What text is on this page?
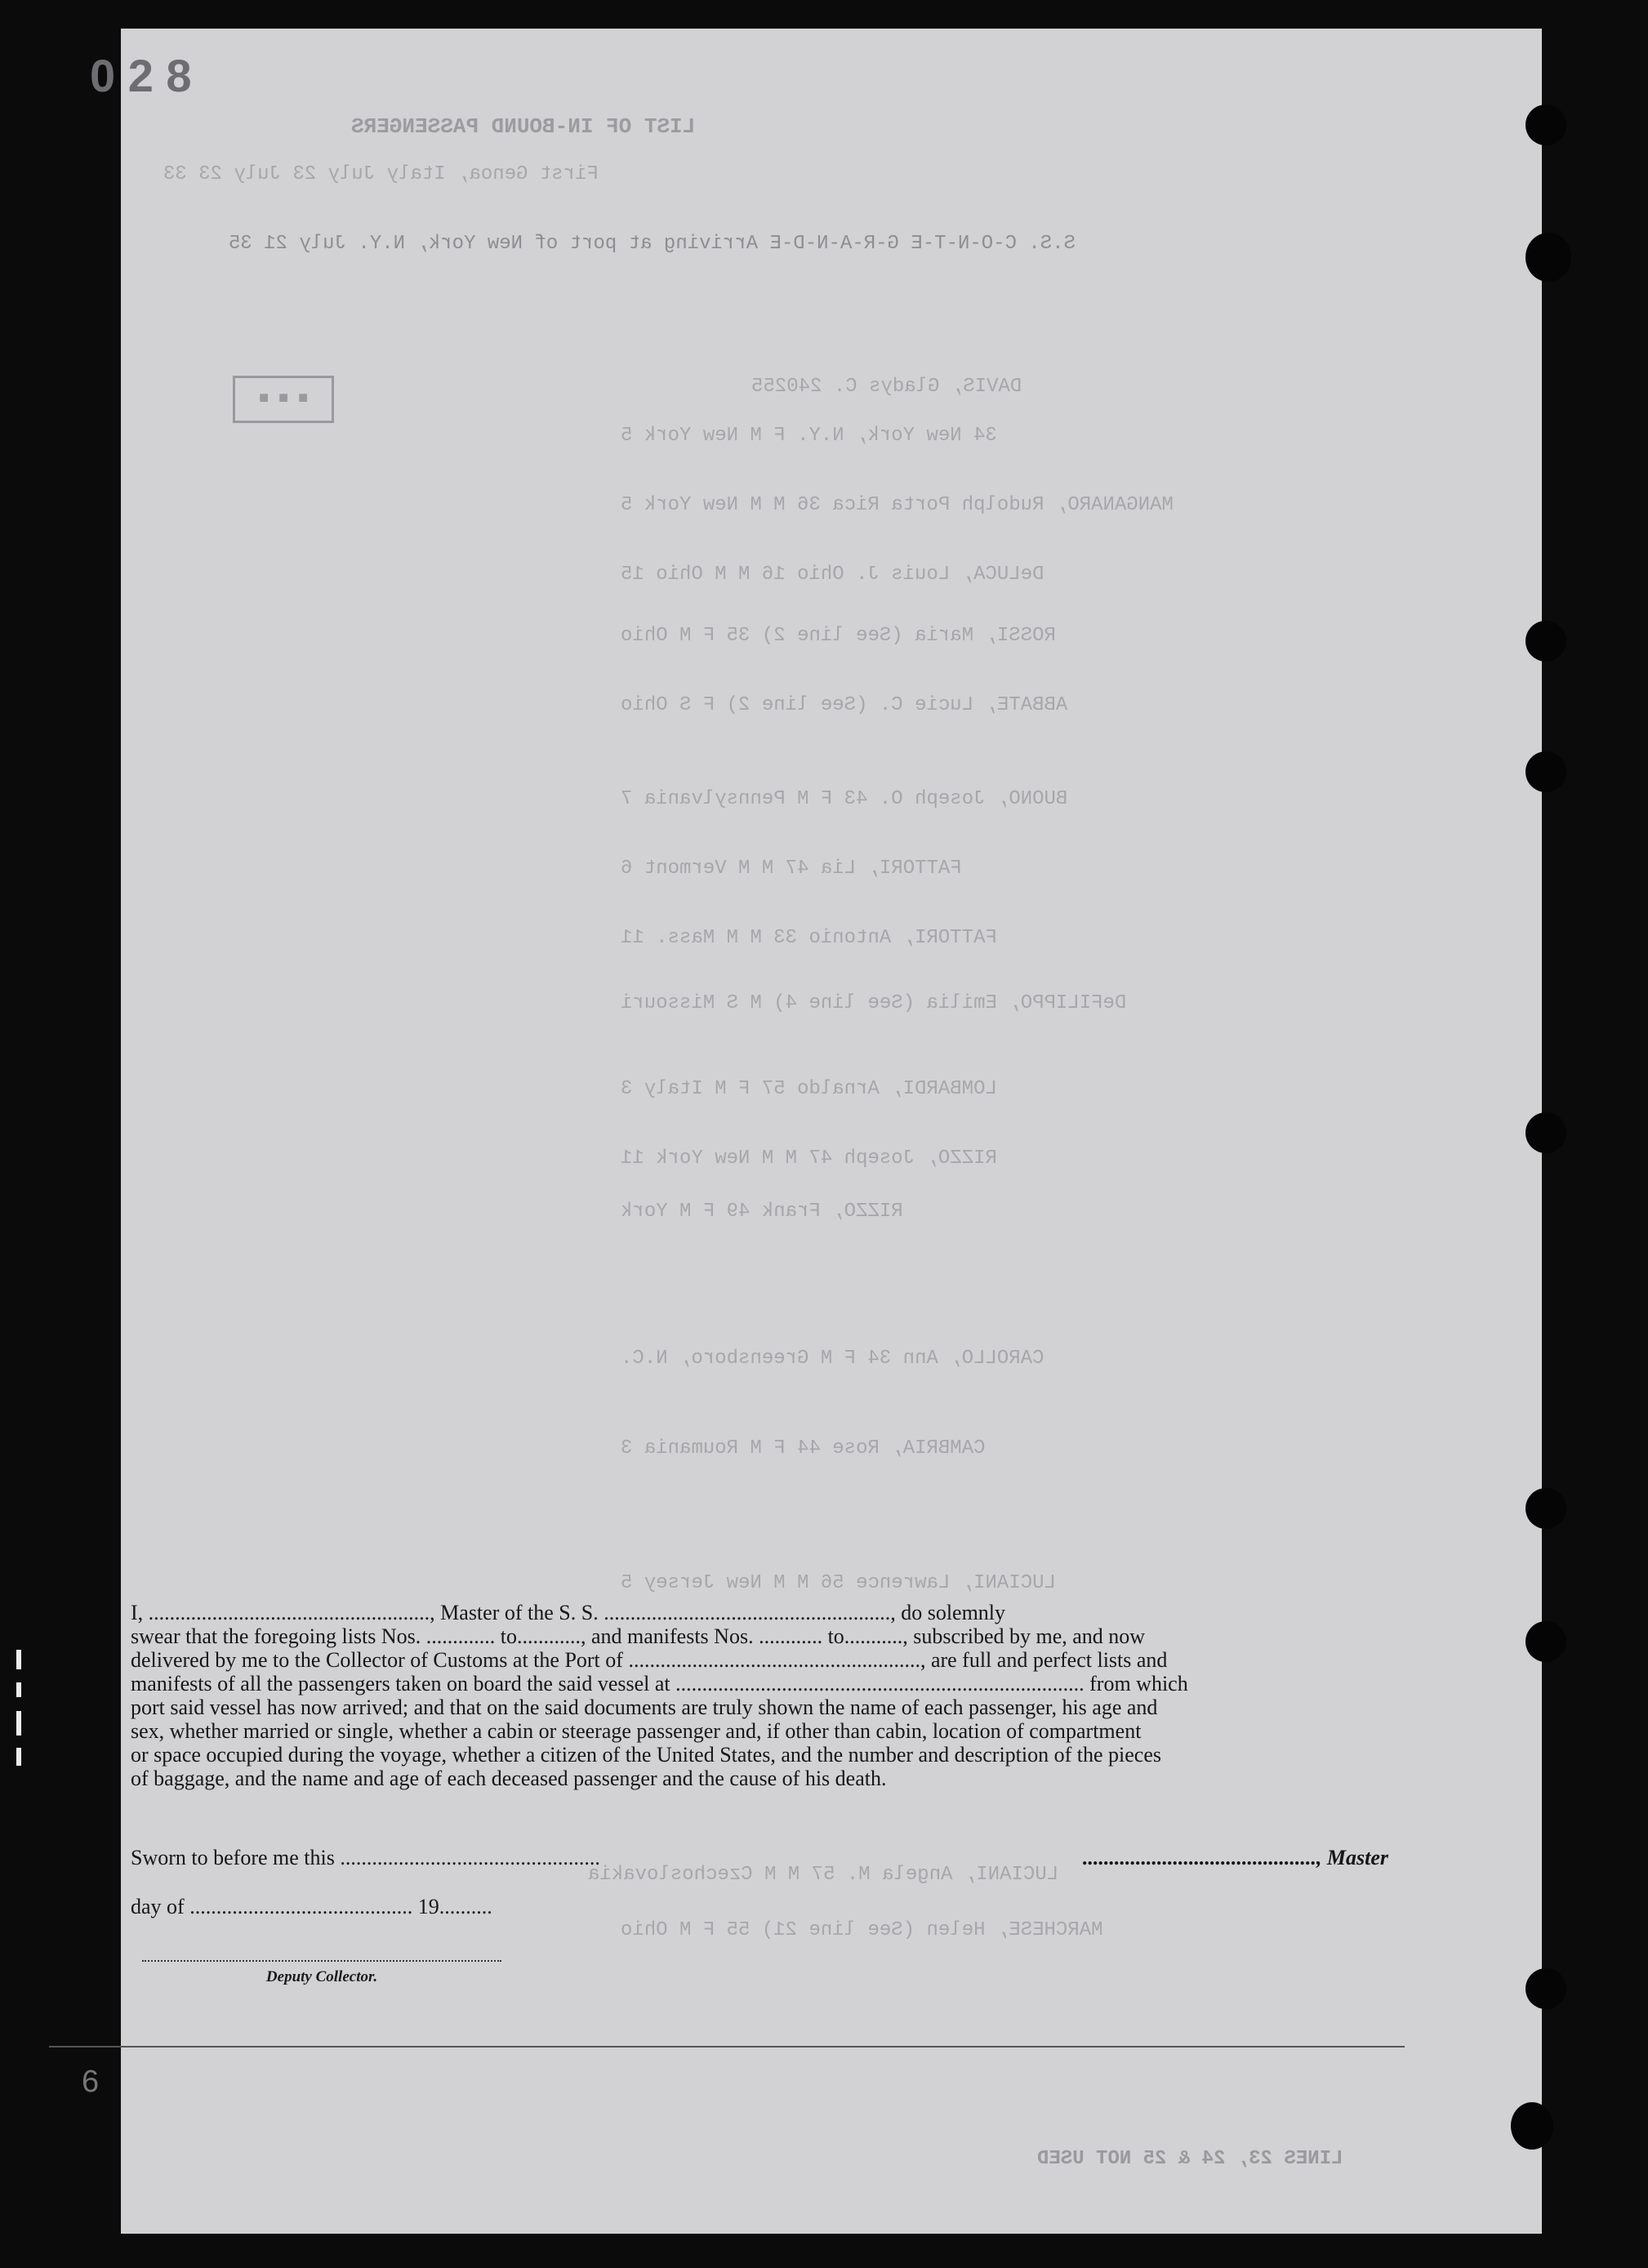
0 2 8
■ ■ ■
LIST OF IN-BOUND PASSENGERS
First Genoa, Italy July 23 July 23 33
S.S. C-O-N-T-E G-R-A-N-D-E Arriving at port of New York, N.Y. July 21 35
DAVIS, Gladys C. 240255
34 New York, N.Y. F M New York 5
MANGANARO, Rudolph Porta Rica 36 M M New York 5
DeLUCA, Louis J. Ohio 16 M M Ohio 15
ROSSI, Maria (See line 2) 35 F M Ohio
ABBATE, Lucie C. (See line 2) F S Ohio
BUONO, Joseph O. 43 F M Pennsylvania 7
FATTORI, Lia 47 M M Vermont 6
FATTORI, Antonio 33 M M Mass. 11
DeFILIPPO, Emilia (See line 4) M S Missouri
LOMBARDI, Arnaldo 57 F M Italy 3
RIZZO, Joseph 47 M M New York 11
RIZZO, Frank 49 F M York
CAROLLO, Ann 34 F M Greensboro, N.C.
CAMBRIA, Rose 44 F M Roumania 3
LUCIANI, Lawrence 56 M M New Jersey 5
LUCIANI, Angela M. 57 M M Czechoslovakia
MARCHESE, Helen (See line 21) 55 F M Ohio
LINES 23, 24 & 25 NOT USED

I, ....................................................., Master of the S. S. ......................................................, do solemnly

swear that the foregoing lists Nos. ............. to............, and manifests Nos. ............ to..........., subscribed by me, and now

delivered by me to the Collector of Customs at the Port of ......................................................., are full and perfect lists and

manifests of all the passengers taken on board the said vessel at ............................................................................. from which

port said vessel has now arrived; and that on the said documents are truly shown the name of each passenger, his age and

sex, whether married or single, whether a cabin or steerage passenger and, if other than cabin, location of compartment

or space occupied during the voyage, whether a citizen of the United States, and the number and description of the pieces

of baggage, and the name and age of each deceased passenger and the cause of his death.

Sworn to before me this .................................................	............................................, Master
day of .......................................... 19..........
Deputy Collector.
6
